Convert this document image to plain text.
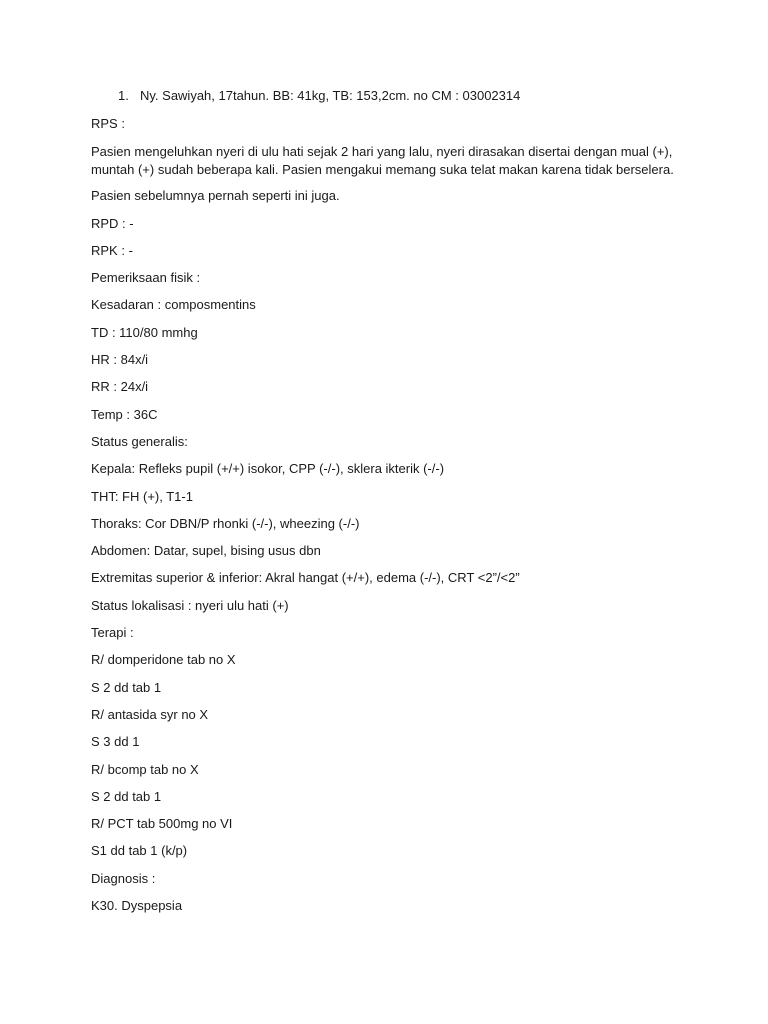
1. Ny. Sawiyah, 17tahun. BB: 41kg, TB: 153,2cm. no CM : 03002314
RPS :
Pasien mengeluhkan nyeri di ulu hati sejak 2 hari yang lalu, nyeri dirasakan disertai dengan mual (+),
muntah (+) sudah beberapa kali. Pasien mengakui memang suka telat makan karena tidak berselera.
Pasien sebelumnya pernah seperti ini juga.
RPD : -
RPK : -
Pemeriksaan fisik :
Kesadaran : composmentins
TD : 110/80 mmhg
HR : 84x/i
RR : 24x/i
Temp : 36C
Status generalis:
Kepala: Refleks pupil (+/+) isokor, CPP (-/-), sklera ikterik (-/-)
THT: FH (+), T1-1
Thoraks: Cor DBN/P rhonki (-/-), wheezing (-/-)
Abdomen: Datar, supel, bising usus dbn
Extremitas superior & inferior: Akral hangat (+/+), edema (-/-), CRT <2”/<2”
Status lokalisasi : nyeri ulu hati (+)
Terapi :
R/ domperidone tab no X
S 2 dd tab 1
R/ antasida syr no X
S 3 dd 1
R/ bcomp tab no X
S 2 dd tab 1
R/ PCT tab 500mg no VI
S1 dd tab 1 (k/p)
Diagnosis :
K30. Dyspepsia
